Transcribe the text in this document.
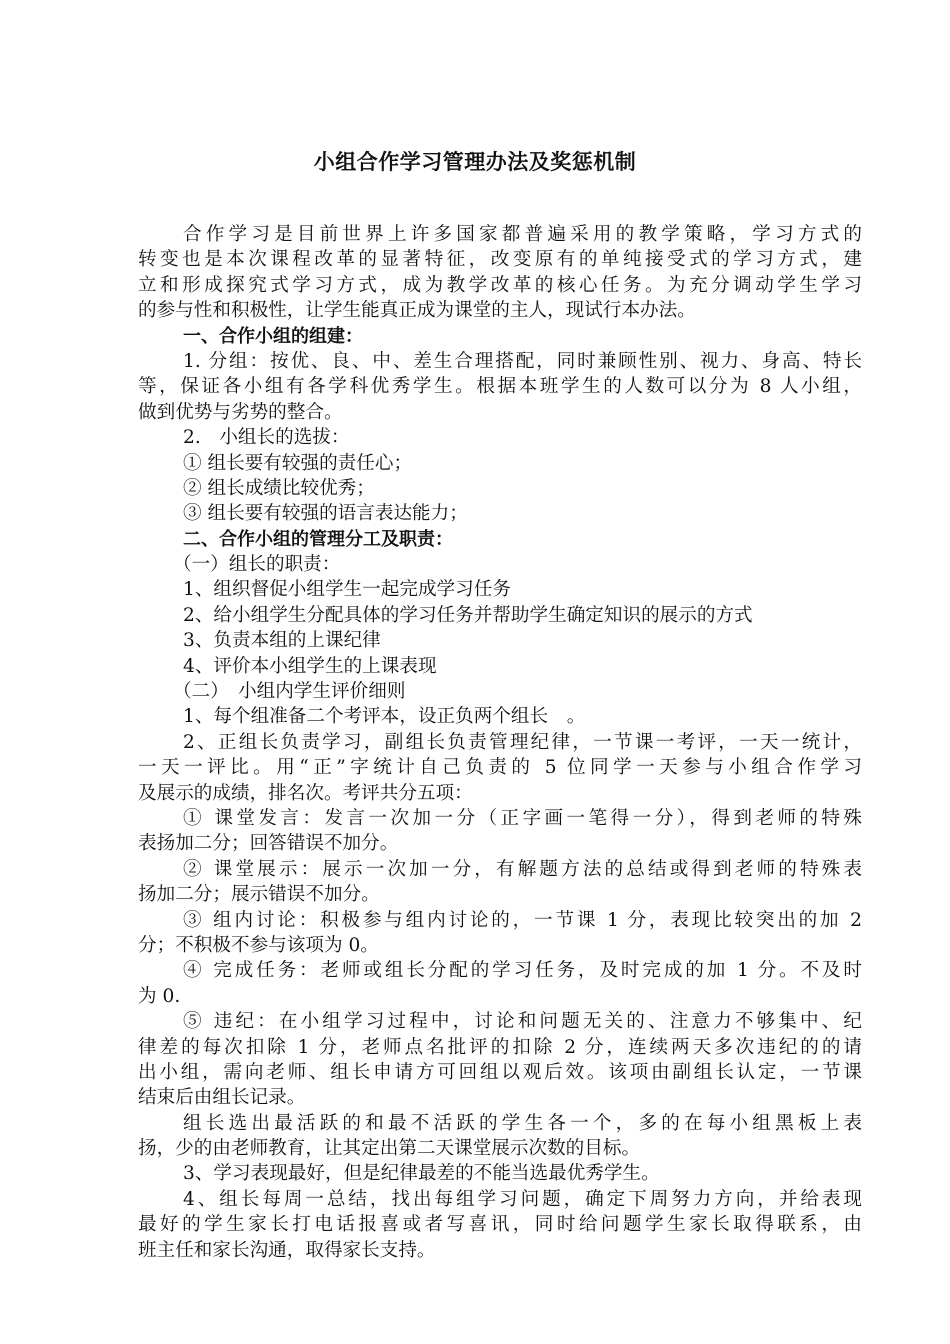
小组合作学习管理办法及奖惩机制
合作学习是目前世界上许多国家都普遍采用的教学策略，学习方式的
转变也是本次课程改革的显著特征，改变原有的单纯接受式的学习方式，建
立和形成探究式学习方式，成为教学改革的核心任务。为充分调动学生学习
的参与性和积极性，让学生能真正成为课堂的主人，现试行本办法。
一、合作小组的组建：
1. 分组：按优、良、中、差生合理搭配，同时兼顾性别、视力、身高、特长
等，保证各小组有各学科优秀学生。根据本班学生的人数可以分为 8 人小组，
做到优势与劣势的整合。
2.　小组长的选拔：
① 组长要有较强的责任心；
② 组长成绩比较优秀；
③ 组长要有较强的语言表达能力；
二、合作小组的管理分工及职责：
（一）组长的职责：
1、组织督促小组学生一起完成学习任务
2、给小组学生分配具体的学习任务并帮助学生确定知识的展示的方式
3、负责本组的上课纪律
4、评价本小组学生的上课表现
（二）　小组内学生评价细则
1、每个组准备二个考评本，设正负两个组长　。
2、正组长负责学习，副组长负责管理纪律，一节课一考评，一天一统计，
一天一评比。用“正”字统计自己负责的 5 位同学一天参与小组合作学习
及展示的成绩，排名次。考评共分五项：
① 课堂发言：发言一次加一分（正字画一笔得一分），得到老师的特殊
表扬加二分；回答错误不加分。
② 课堂展示：展示一次加一分，有解题方法的总结或得到老师的特殊表
扬加二分；展示错误不加分。
③ 组内讨论：积极参与组内讨论的，一节课 1 分，表现比较突出的加 2
分；不积极不参与该项为 0。
④ 完成任务：老师或组长分配的学习任务，及时完成的加 1 分。不及时
为 0.
⑤ 违纪：在小组学习过程中，讨论和问题无关的、注意力不够集中、纪
律差的每次扣除 1 分，老师点名批评的扣除 2 分，连续两天多次违纪的的请
出小组，需向老师、组长申请方可回组以观后效。该项由副组长认定，一节课
结束后由组长记录。
组长选出最活跃的和最不活跃的学生各一个，多的在每小组黑板上表
扬，少的由老师教育，让其定出第二天课堂展示次数的目标。
3、学习表现最好，但是纪律最差的不能当选最优秀学生。
4、组长每周一总结，找出每组学习问题，确定下周努力方向，并给表现
最好的学生家长打电话报喜或者写喜讯，同时给问题学生家长取得联系，由
班主任和家长沟通，取得家长支持。
